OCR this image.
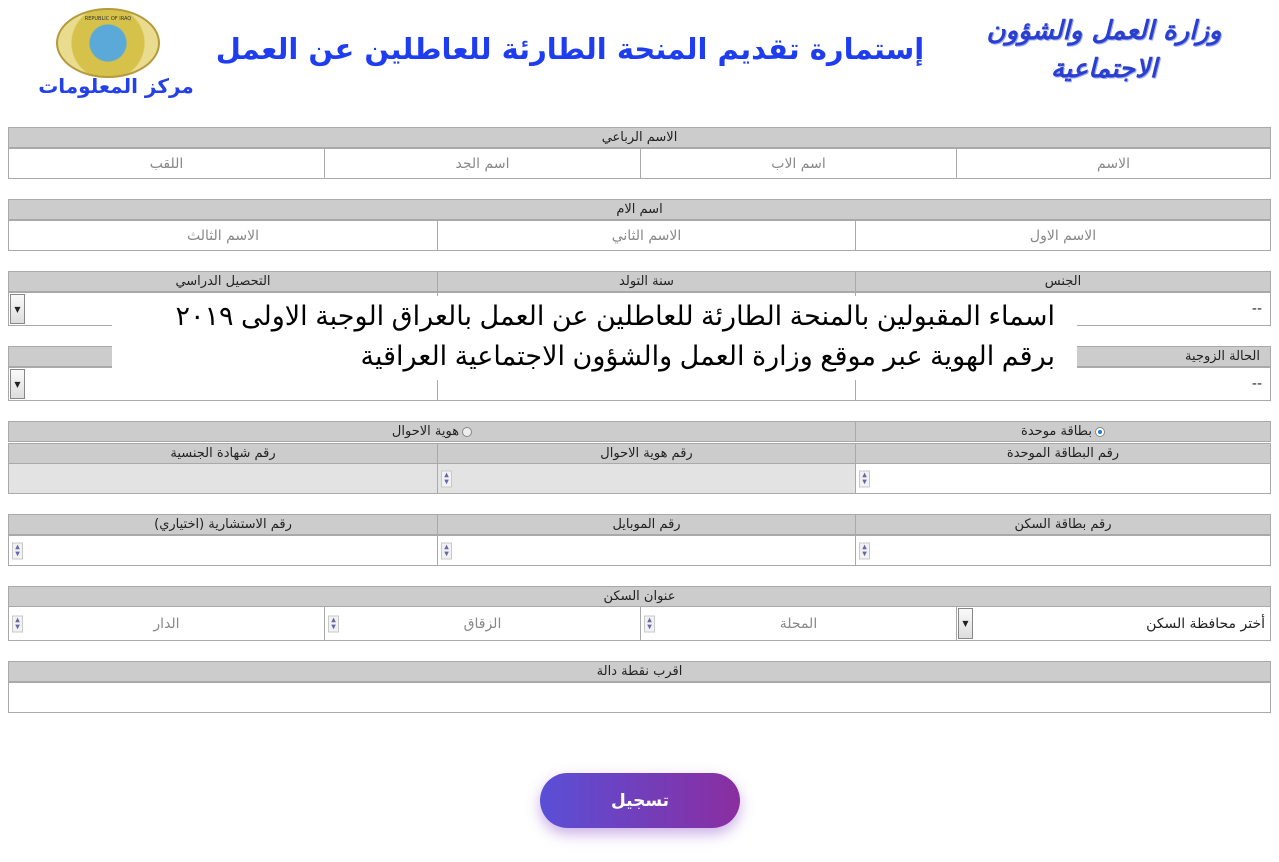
وزارة العمل والشؤون الاجتماعية
إستمارة تقديم المنحة الطارئة للعاطلين عن العمل
REPUBLIC OF IRAQ
مركز المعلومات
الاسم الرباعي
الاسم
اسم الاب
اسم الجد
اللقب
اسم الام
الاسم الاول
الاسم الثاني
الاسم الثالث
الجنس
سنة التولد
التحصيل الدراسي
--
▼
الحالة الزوجية
--
▼
اسماء المقبولين بالمنحة الطارئة للعاطلين عن العمل بالعراق الوجبة الاولى ٢٠١٩
برقم الهوية عبر موقع وزارة العمل والشؤون الاجتماعية العراقية
بطاقة موحدة
هوية الاحوال
رقم البطاقة الموحدة
رقم هوية الاحوال
رقم شهادة الجنسية
▲
▼
▲
▼
رقم بطاقة السكن
رقم الموبايل
رقم الاستشارية (اختياري)
▲
▼
▲
▼
▲
▼
عنوان السكن
أختر محافظة السكن
▼
المحلة
▲
▼
الزقاق
▲
▼
الدار
▲
▼
اقرب نقطة دالة
تسجيل
